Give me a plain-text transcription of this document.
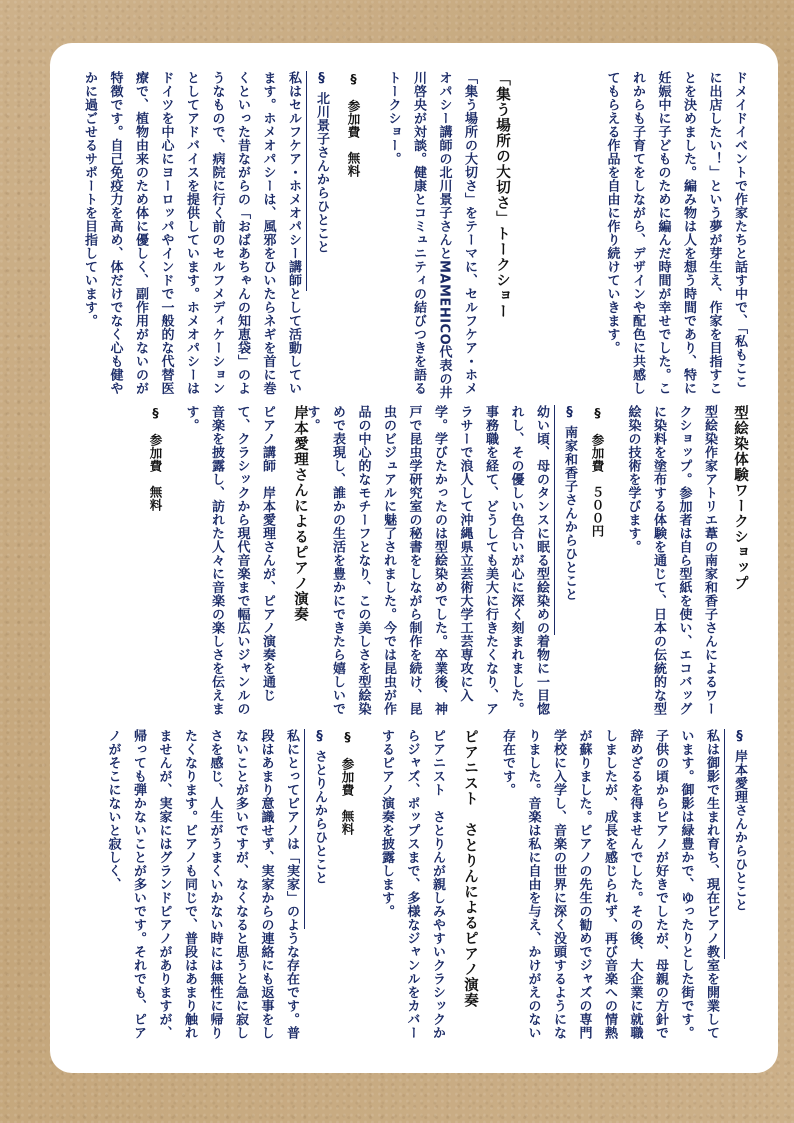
ドメイドイベントで作家たちと話す中で、「私もここに出店したい！」という夢が芽生え、作家を目指すことを決めました。編み物は人を想う時間であり、特に妊娠中に子どものために編んだ時間が幸せでした。これからも子育てをしながら、デザインや配色に共感してもらえる作品を自由に作り続けていきます。
「集う場所の大切さ」トークショー
「集う場所の大切さ」をテーマに、セルフケア・ホメオパシー講師の北川景子さんとMAMEHICO代表の井川啓央が対談。健康とコミュニティの結びつきを語るトークショー。
§　参加費　無料
§ 北川景子さんからひとこと
私はセルフケア・ホメオパシー講師として活動しています。ホメオパシーは、風邪をひいたらネギを首に巻くといった昔ながらの「おばあちゃんの知恵袋」のようなもので、病院に行く前のセルフメディケーションとしてアドバイスを提供しています。ホメオパシーはドイツを中心にヨーロッパやインドで一般的な代替医療で、植物由来のため体に優しく、副作用がないのが特徴です。自己免疫力を高め、体だけでなく心も健やかに過ごせるサポートを目指しています。
型絵染体験ワークショップ
型絵染作家アトリエ葦の南家和香子さんによるワークショップ。参加者は自ら型紙を使い、エコバッグに染料を塗布する体験を通じて、日本の伝統的な型絵染の技術を学びます。
§　参加費　５００円
§ 南家和香子さんからひとこと
幼い頃、母のタンスに眠る型絵染めの着物に一目惚れし、その優しい色合いが心に深く刻まれました。事務職を経て、どうしても美大に行きたくなり、アラサーで浪人して沖縄県立芸術大学工芸専攻に入学。学びたかったのは型絵染めでした。卒業後、神戸で昆虫学研究室の秘書をしながら制作を続け、昆虫のビジュアルに魅了されました。今では昆虫が作品の中心的なモチーフとなり、この美しさを型絵染めで表現し、誰かの生活を豊かにできたら嬉しいです。
岸本愛理さんによるピアノ演奏
ピアノ講師　岸本愛理さんが、ピアノ演奏を通じて、クラシックから現代音楽まで幅広いジャンルの音楽を披露し、訪れた人々に音楽の楽しさを伝えます。
§　参加費　無料
§ 岸本愛理さんからひとこと
私は御影で生まれ育ち、現在ピアノ教室を開業しています。御影は緑豊かで、ゆったりとした街です。子供の頃からピアノが好きでしたが、母親の方針で辞めざるを得ませんでした。その後、大企業に就職しましたが、成長を感じられず、再び音楽への情熱が蘇りました。ピアノの先生の勧めでジャズの専門学校に入学し、音楽の世界に深く没頭するようになりました。音楽は私に自由を与え、かけがえのない存在です。
ピアニスト　さとりんによるピアノ演奏
ピアニスト　さとりんが親しみやすいクラシックからジャズ、ポップスまで、多様なジャンルをカバーするピアノ演奏を披露します。
§　参加費　無料
§ さとりんからひとこと
私にとってピアノは「実家」のような存在です。普段はあまり意識せず、実家からの連絡にも返事をしないことが多いですが、なくなると思うと急に寂しさを感じ、人生がうまくいかない時には無性に帰りたくなります。ピアノも同じで、普段はあまり触れませんが、実家にはグランドピアノがありますが、帰っても弾かないことが多いです。それでも、ピアノがそこにないと寂しく、
